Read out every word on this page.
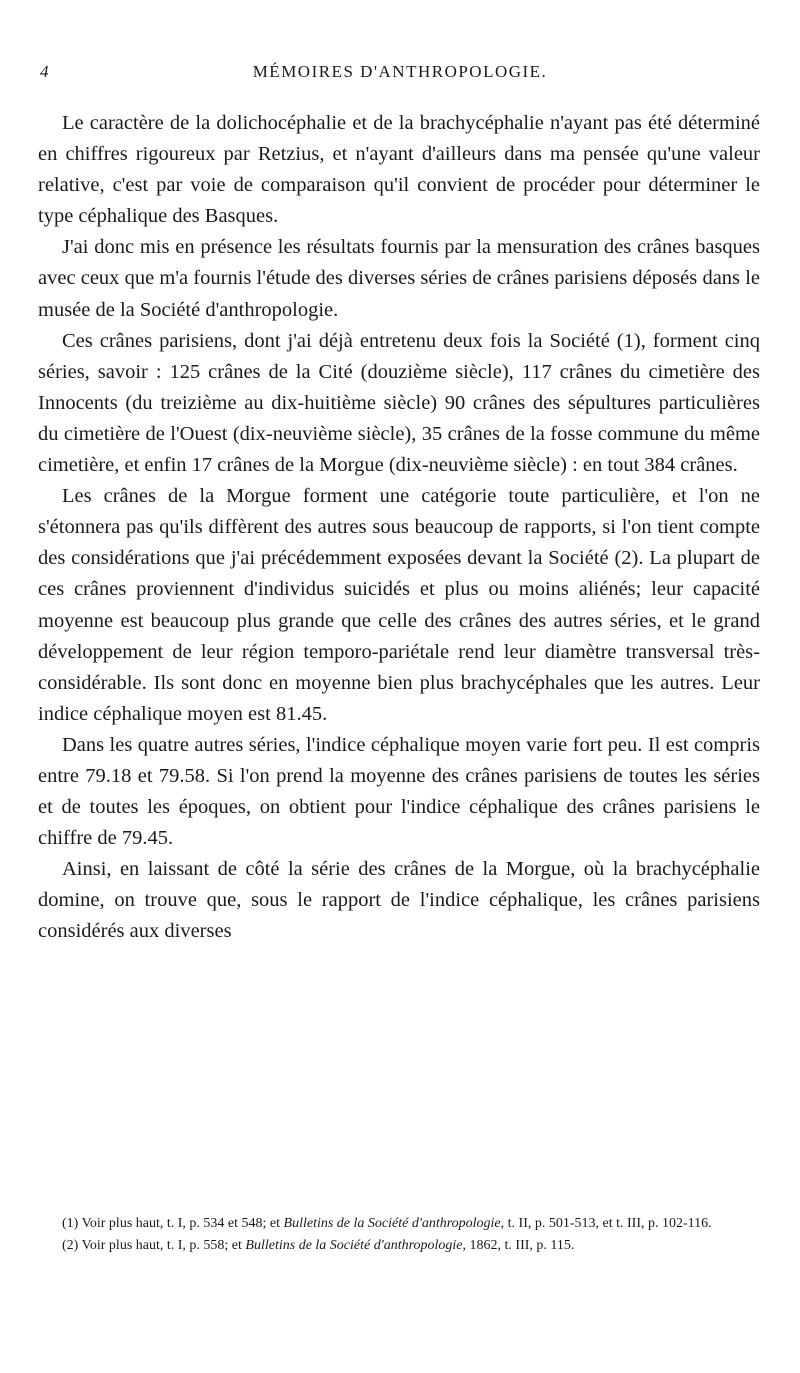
4	MÉMOIRES D'ANTHROPOLOGIE.

Le caractère de la dolichocéphalie et de la brachycéphalie n'ayant pas été déterminé en chiffres rigoureux par Retzius, et n'ayant d'ailleurs dans ma pensée qu'une valeur relative, c'est par voie de comparaison qu'il convient de procéder pour déterminer le type céphalique des Basques.

J'ai donc mis en présence les résultats fournis par la mensuration des crânes basques avec ceux que m'a fournis l'étude des diverses séries de crânes parisiens déposés dans le musée de la Société d'anthropologie.

Ces crânes parisiens, dont j'ai déjà entretenu deux fois la Société (1), forment cinq séries, savoir : 125 crânes de la Cité (douzième siècle), 117 crânes du cimetière des Innocents (du treizième au dix-huitième siècle) 90 crânes des sépultures particulières du cimetière de l'Ouest (dix-neuvième siècle), 35 crânes de la fosse commune du même cimetière, et enfin 17 crânes de la Morgue (dix-neuvième siècle) : en tout 384 crânes.

Les crânes de la Morgue forment une catégorie toute particulière, et l'on ne s'étonnera pas qu'ils diffèrent des autres sous beaucoup de rapports, si l'on tient compte des considérations que j'ai précédemment exposées devant la Société (2). La plupart de ces crânes proviennent d'individus suicidés et plus ou moins aliénés; leur capacité moyenne est beaucoup plus grande que celle des crânes des autres séries, et le grand développement de leur région temporo-pariétale rend leur diamètre transversal très-considérable. Ils sont donc en moyenne bien plus brachycéphales que les autres. Leur indice céphalique moyen est 81.45.

Dans les quatre autres séries, l'indice céphalique moyen varie fort peu. Il est compris entre 79.18 et 79.58. Si l'on prend la moyenne des crânes parisiens de toutes les séries et de toutes les époques, on obtient pour l'indice céphalique des crânes parisiens le chiffre de 79.45.

Ainsi, en laissant de côté la série des crânes de la Morgue, où la brachycéphalie domine, on trouve que, sous le rapport de l'indice céphalique, les crânes parisiens considérés aux diverses

(1) Voir plus haut, t. I, p. 534 et 548; et Bulletins de la Société d'anthropologie, t. II, p. 501-513, et t. III, p. 102-116.

(2) Voir plus haut, t. I, p. 558; et Bulletins de la Société d'anthropologie, 1862, t. III, p. 115.
